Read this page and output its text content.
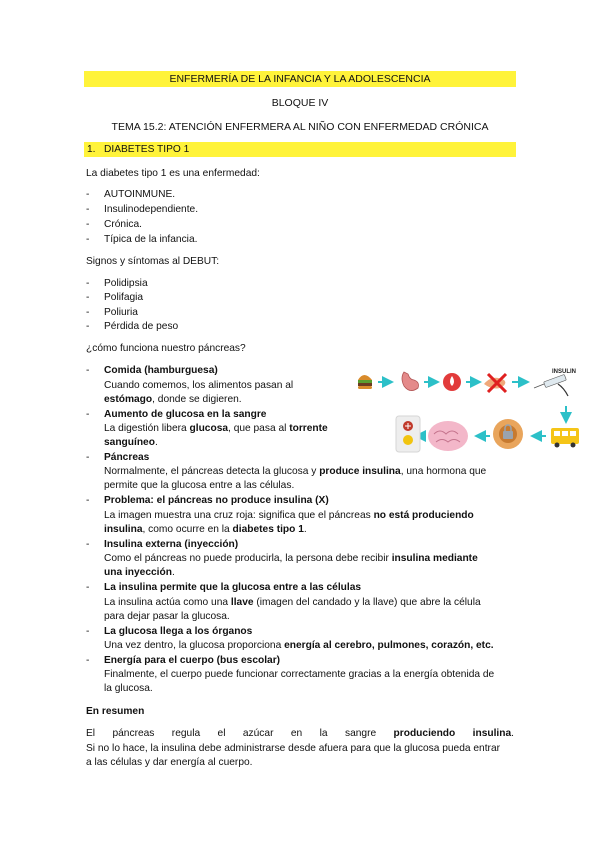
ENFERMERÍA DE LA INFANCIA Y LA ADOLESCENCIA
BLOQUE IV
TEMA 15.2: ATENCIÓN ENFERMERA AL NIÑO CON ENFERMEDAD CRÓNICA
1. DIABETES TIPO 1
La diabetes tipo 1 es una enfermedad:
- AUTOINMUNE.
- Insulinodependiente.
- Crónica.
- Típica de la infancia.
Signos y síntomas al DEBUT:
- Polidipsia
- Polifagia
- Poliuria
- Pérdida de peso
¿cómo funciona nuestro páncreas?
- Comida (hamburguesa)
Cuando comemos, los alimentos pasan al
estómago, donde se digieren.
- Aumento de glucosa en la sangre
La digestión libera glucosa, que pasa al torrente
sanguíneo.
- Páncreas
Normalmente, el páncreas detecta la glucosa y produce insulina, una hormona que
permite que la glucosa entre a las células.
- Problema: el páncreas no produce insulina (X)
La imagen muestra una cruz roja: significa que el páncreas no está produciendo
insulina, como ocurre en la diabetes tipo 1.
- Insulina externa (inyección)
Como el páncreas no puede producirla, la persona debe recibir insulina mediante
una inyección.
- La insulina permite que la glucosa entre a las células
La insulina actúa como una llave (imagen del candado y la llave) que abre la célula
para dejar pasar la glucosa.
- La glucosa llega a los órganos
Una vez dentro, la glucosa proporciona energía al cerebro, pulmones, corazón, etc.
- Energía para el cuerpo (bus escolar)
Finalmente, el cuerpo puede funcionar correctamente gracias a la energía obtenida de
la glucosa.
En resumen
El páncreas regula el azúcar en la sangre produciendo insulina.
Si no lo hace, la insulina debe administrarse desde afuera para que la glucosa pueda entrar
a las células y dar energía al cuerpo.
INSULIN
